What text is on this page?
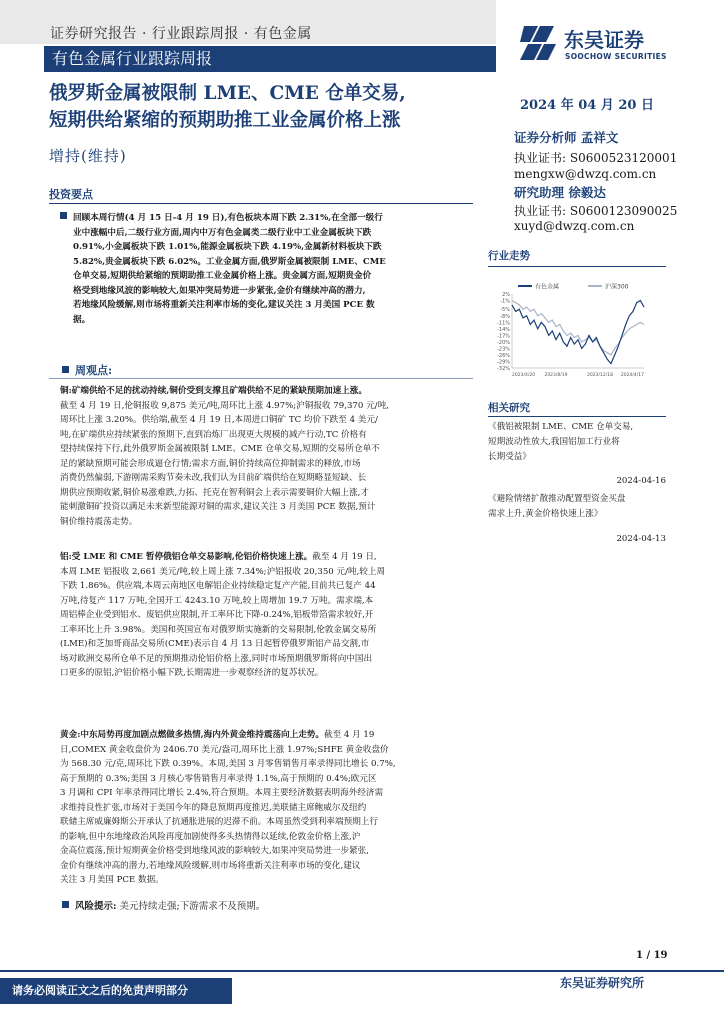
证券研究报告 · 行业跟踪周报 · 有色金属
有色金属行业跟踪周报
东吴证券
SOOCHOW SECURITIES
俄罗斯金属被限制 LME、CME 仓单交易,
短期供给紧缩的预期助推工业金属价格上涨
增持(维持)
2024 年 04 月 20 日
证券分析师 孟祥文
执业证书: S0600523120001
mengxw@dwzq.com.cn
研究助理 徐毅达
执业证书: S0600123090025
xuyd@dwzq.com.cn
投资要点
回顾本周行情(4 月 15 日-4 月 19 日),有色板块本周下跌 2.31%,在全部一级行
业中涨幅中后,二级行业方面,周内中万有色金属类二级行业中工业金属板块下跌
0.91%,小金属板块下跌 1.01%,能源金属板块下跌 4.19%,金属新材料板块下跌
5.82%,贵金属板块下跌 6.02%。工业金属方面,俄罗斯金属被限制 LME、CME
仓单交易,短期供给紧缩的预期助推工业金属价格上涨。贵金属方面,短期贵金价
格受到地缘风波的影响较大,如果冲突局势进一步紧张,金价有继续冲高的潜力,
若地缘风险缓解,则市场将重新关注利率市场的变化,建议关注 3 月美国 PCE 数
据。
周观点:
铜:矿端供给不足的扰动持续,铜价受到支撑且矿端供给不足的紧缺预期加速上涨。
截至 4 月 19 日,伦铜报收 9,875 美元/吨,周环比上涨 4.97%;沪铜报收 79,370 元/吨,
周环比上涨 3.20%。供给端,截至 4 月 19 日,本周进口铜矿 TC 均价下跌至 4 美元/
吨,在矿端供应持续紧张的预期下,直到冶炼厂出现更大规模的减产行动,TC 价格有
望持续保持下行,此外俄罗斯金属被限制 LME、CME 仓单交易,短期的交易所仓单不
足的紧缺预期可能会形成逼仓行情;需求方面,铜价持续高位抑制需求的释放,市场
消费仍然偏弱,下游刚需采购节奏未改,我们认为目前矿端供给在短期略显短缺、长
期供应预期收紧,铜价易涨难跌,力拓、托克在智利铜会上表示需要铜价大幅上涨,才
能刺激铜矿投资以满足未来新型能源对铜的需求,建议关注 3 月美国 PCE 数据,预计
铜价维持震荡走势。
铝:受 LME 和 CME 暂停俄铝仓单交易影响,伦铝价格快速上涨。截至 4 月 19 日,
本周 LME 铝报收 2,661 美元/吨,较上周上涨 7.34%;沪铝报收 20,350 元/吨,较上周
下跌 1.86%。供应端,本周云南地区电解铝企业持续稳定复产产能,目前共已复产 44
万吨,待复产 117 万吨,全国开工 4243.10 万吨,较上周增加 19.7 万吨。需求端,本
周铝棒企业受到铝水、废铝供应限制,开工率环比下降-0.24%,铝板带箔需求较好,开
工率环比上升 3.98%。美国和英国宣布对俄罗斯实施新的交易限制,伦敦金属交易所
(LME)和芝加哥商品交易所(CME)表示自 4 月 13 日起暂停俄罗斯铝产品交割,市
场对欧洲交易所仓单不足的预期推动伦铝价格上涨,同时市场预期俄罗斯将向中国出
口更多的原铝,沪铝价格小幅下跌,长期需进一步观察经济的复苏状况。
黄金:中东局势再度加剧点燃做多热情,海内外黄金维持震荡向上走势。截至 4 月 19
日,COMEX 黄金收盘价为 2406.70 美元/盎司,周环比上涨 1.97%;SHFE 黄金收盘价
为 568.30 元/克,周环比下跌 0.39%。本周,美国 3 月零售销售月率录得同比增长 0.7%,
高于预期的 0.3%;美国 3 月核心零售销售月率录得 1.1%,高于预期的 0.4%;欧元区
3 月调和 CPI 年率录得同比增长 2.4%,符合预期。本周主要经济数据表明海外经济需
求维持良性扩张,市场对于美国今年的降息预期再度推迟,美联储主席鲍威尔及纽约
联储主席威廉姆斯公开承认了抗通胀进展的迟滞不前。本周虽然受到利率端预期上行
的影响,但中东地缘政治风险再度加剧使得多头热情得以延续,伦敦金价格上涨,沪
金高位震荡,预计短期黄金价格受到地缘风波的影响较大,如果冲突局势进一步紧张,
金价有继续冲高的潜力,若地缘风险缓解,则市场将重新关注利率市场的变化,建议
关注 3 月美国 PCE 数据。
风险提示: 美元持续走强;下游需求不及预期。
行业走势
有色金属	沪深300
2%
-1%
-5%
-8%
-11%
-14%
-17%
-20%
-23%
-26%
-29%
-32%
2023/4/20 2023/8/19	2023/12/18 2024/4/17
相关研究
《俄铝被限制 LME、CME 仓单交易,
短期波动性放大,我国铝加工行业将
长期受益》
2024-04-16
《避险情绪扩散推动配置型资金买盘
需求上升,黄金价格快速上涨》
2024-04-13
1 / 19
请务必阅读正文之后的免责声明部分
东吴证券研究所
